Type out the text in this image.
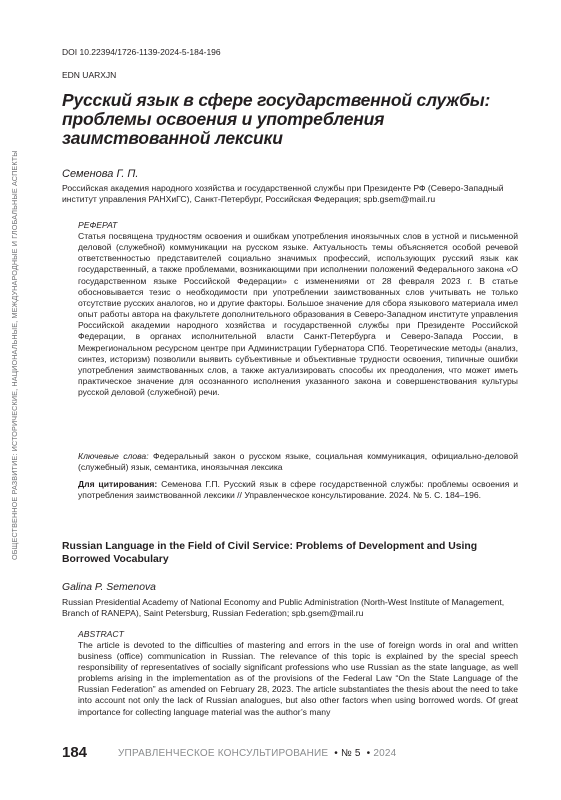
ОБЩЕСТВЕННОЕ РАЗВИТИЕ: ИСТОРИЧЕСКИЕ, НАЦИОНАЛЬНЫЕ, МЕЖДУНАРОДНЫЕ И ГЛОБАЛЬНЫЕ АСПЕКТЫ
DOI 10.22394/1726-1139-2024-5-184-196
EDN UARXJN
Русский язык в сфере государственной службы: проблемы освоения и употребления заимствованной лексики
Семенова Г. П.
Российская академия народного хозяйства и государственной службы при Президенте РФ (Северо-Западный институт управления РАНХиГС), Санкт-Петербург, Российская Федерация; spb.gsem@mail.ru
РЕФЕРАТ

Статья посвящена трудностям освоения и ошибкам употребления иноязычных слов в устной и письменной деловой (служебной) коммуникации на русском языке. Актуальность темы объясняется особой речевой ответственностью представителей социально значимых профессий, использующих русский язык как государственный, а также проблемами, возникающими при исполнении положений Федерального закона «О государственном языке Российской Федерации» с изменениями от 28 февраля 2023 г. В статье обосновывается тезис о необходимости при употреблении заимствованных слов учитывать не только отсутствие русских аналогов, но и другие факторы. Большое значение для сбора языкового материала имел опыт работы автора на факультете дополнительного образования в Северо-Западном институте управления Российской академии народного хозяйства и государственной службы при Президенте Российской Федерации, в органах исполнительной власти Санкт-Петербурга и Северо-Запада России, в Межрегиональном ресурсном центре при Администрации Губернатора СПб. Теоретические методы (анализ, синтез, историзм) позволили выявить субъективные и объективные трудности освоения, типичные ошибки употребления заимствованных слов, а также актуализировать способы их преодоления, что может иметь практическое значение для осознанного исполнения указанного закона и совершенствования культуры русской деловой (служебной) речи.

Ключевые слова: Федеральный закон о русском языке, социальная коммуникация, официально-деловой (служебный) язык, семантика, иноязычная лексика
Для цитирования: Семенова Г.П. Русский язык в сфере государственной службы: проблемы освоения и употребления заимствованной лексики // Управленческое консультирование. 2024. № 5. С. 184–196.
Russian Language in the Field of Civil Service: Problems of Development and Using Borrowed Vocabulary
Galina P. Semenova
Russian Presidential Academy of National Economy and Public Administration (North-West Institute of Management, Branch of RANEPA), Saint Petersburg, Russian Federation; spb.gsem@mail.ru
ABSTRACT

The article is devoted to the difficulties of mastering and errors in the use of foreign words in oral and written business (office) communication in Russian. The relevance of this topic is explained by the special speech responsibility of representatives of socially significant professions who use Russian as the state language, as well problems arising in the implementation as of the provisions of the Federal Law “On the State Language of the Russian Federation” as amended on February 28, 2023. The article substantiates the thesis about the need to take into account not only the lack of Russian analogues, but also other factors when using borrowed words. Of great importance for collecting language material was the author’s many

184	УПРАВЛЕНЧЕСКОЕ КОНСУЛЬТИРОВАНИЕ • № 5 • 2024
